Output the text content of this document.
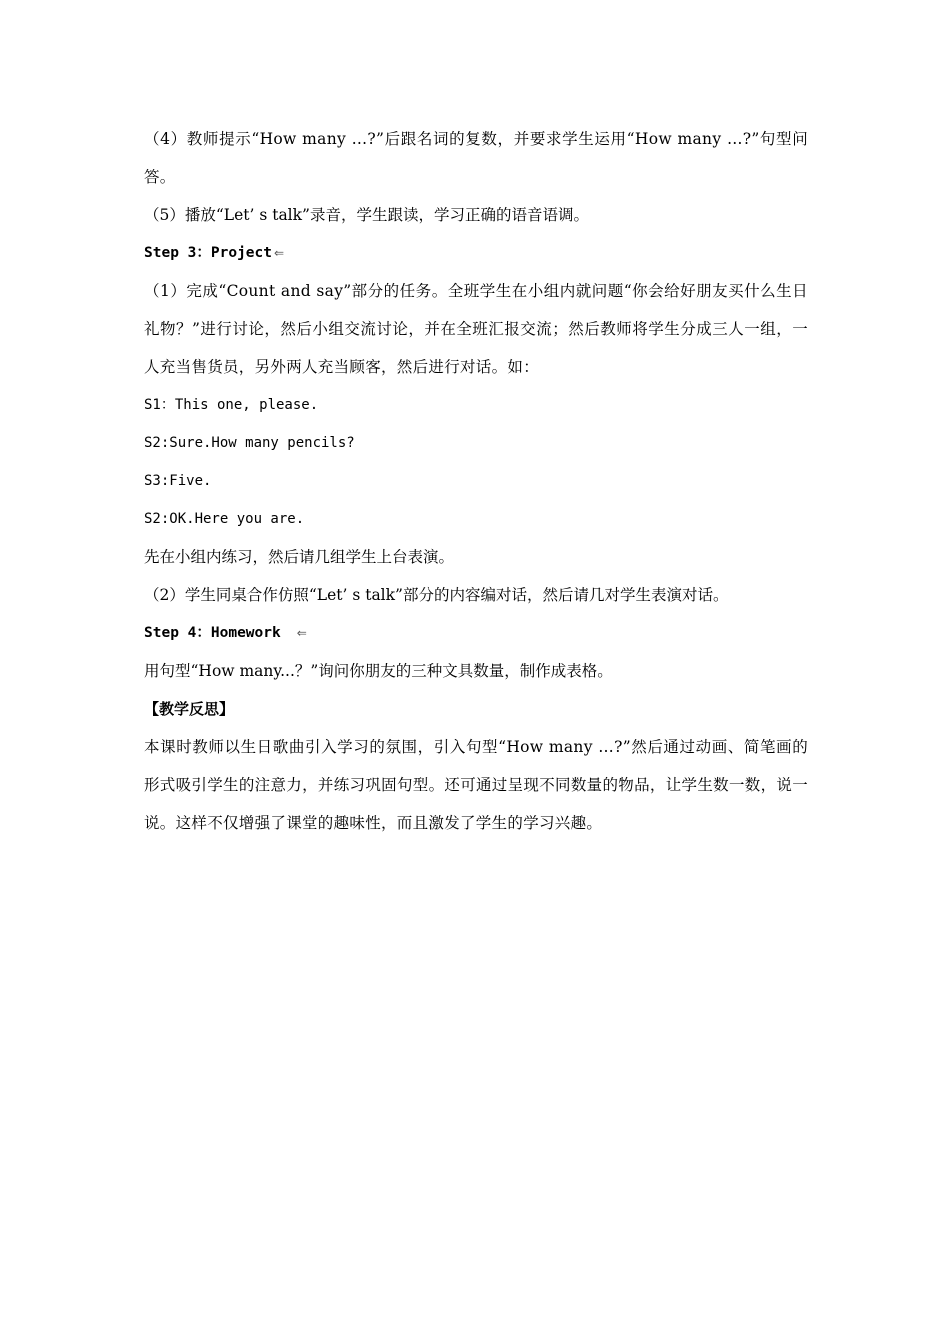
（4）教师提示“How many …?”后跟名词的复数，并要求学生运用“How many …?”句型问答。
（5）播放“Let’ s talk”录音，学生跟读，学习正确的语音语调。
Step 3：Project ⇐
（1）完成“Count and say”部分的任务。全班学生在小组内就问题“你会给好朋友买什么生日礼物？”进行讨论，然后小组交流讨论，并在全班汇报交流；然后教师将学生分成三人一组，一人充当售货员，另外两人充当顾客，然后进行对话。如：
S1：This one, please.
S2:Sure.How many pencils?
S3:Five.
S2:OK.Here you are.
先在小组内练习，然后请几组学生上台表演。
（2）学生同桌合作仿照“Let’ s talk”部分的内容编对话，然后请几对学生表演对话。
Step 4：Homework ⇐
用句型“How many...？”询问你朋友的三种文具数量，制作成表格。
【教学反思】
本课时教师以生日歌曲引入学习的氛围，引入句型“How many …?”然后通过动画、简笔画的形式吸引学生的注意力，并练习巩固句型。还可通过呈现不同数量的物品，让学生数一数，说一说。这样不仅增强了课堂的趣味性，而且激发了学生的学习兴趣。
